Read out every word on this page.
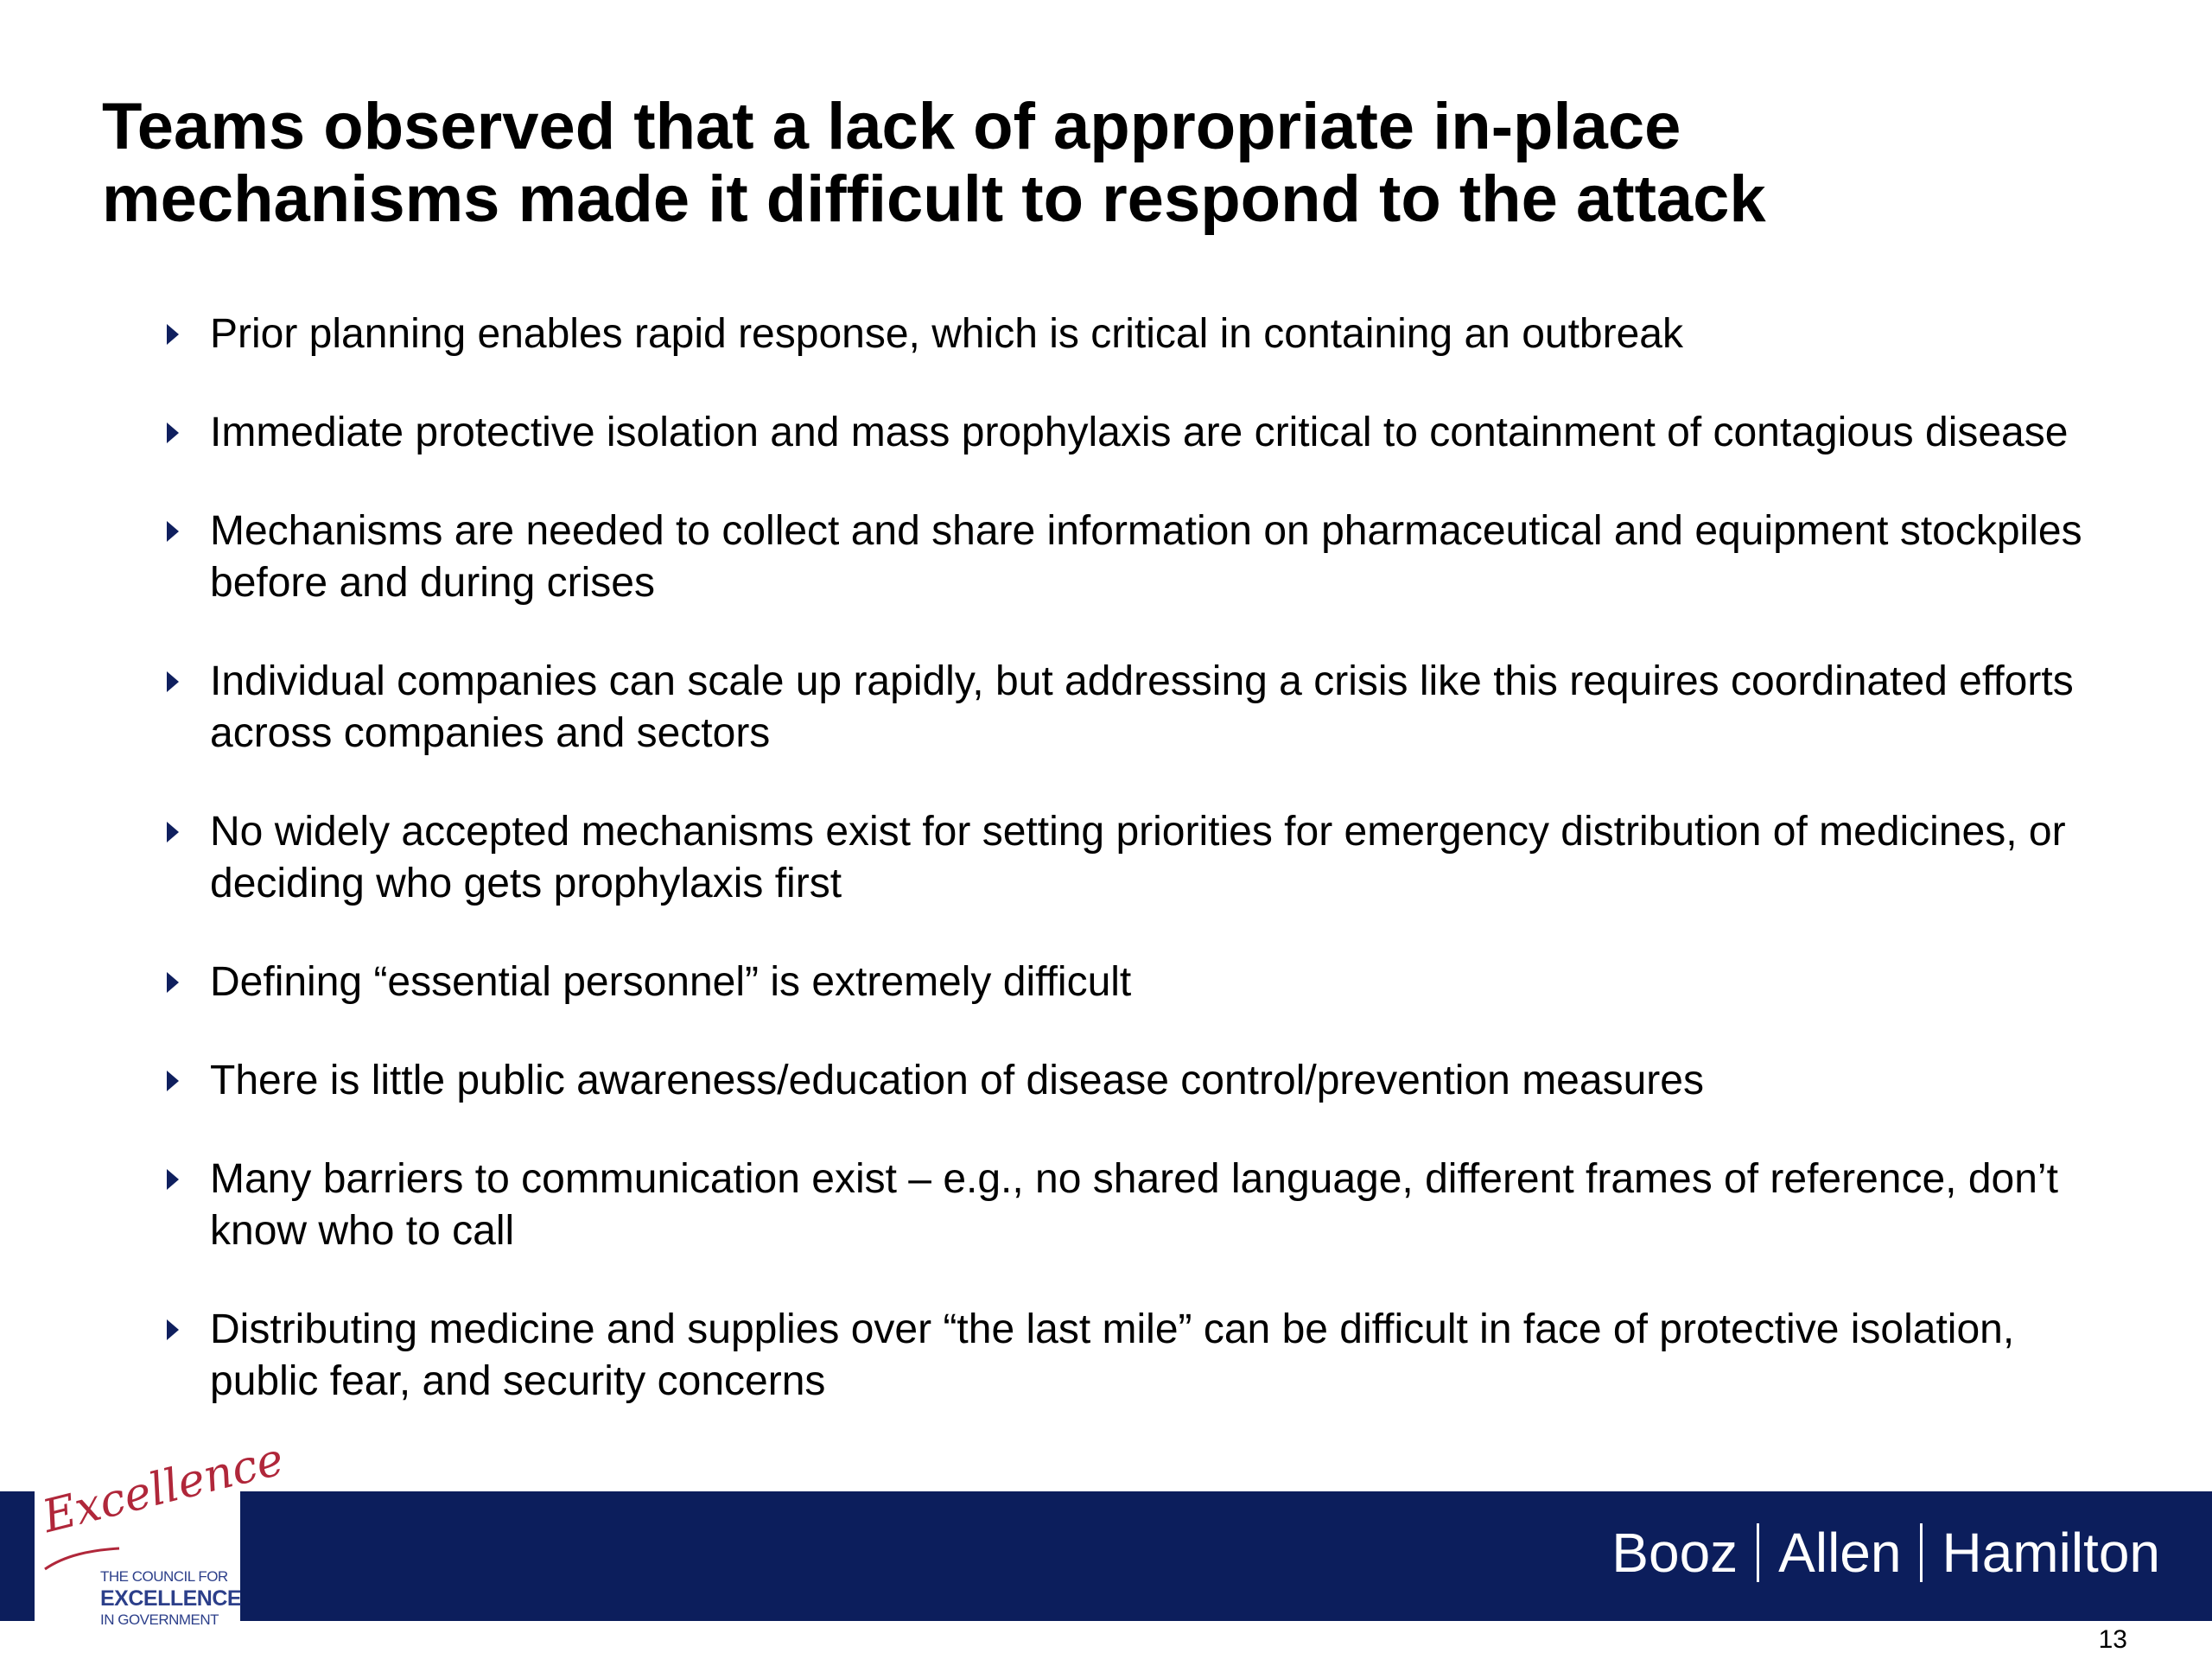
Teams observed that a lack of appropriate in-place
mechanisms made it difficult to respond to the attack
Prior planning enables rapid response, which is critical in containing an outbreak
Immediate protective isolation and mass prophylaxis are critical to containment of contagious disease
Mechanisms are needed to collect and share information on pharmaceutical and equipment stockpiles before and during crises
Individual companies can scale up rapidly, but addressing a crisis like this requires coordinated efforts across companies and sectors
No widely accepted mechanisms exist for setting priorities for emergency distribution of medicines, or deciding who gets prophylaxis first
Defining “essential personnel” is extremely difficult
There is little public awareness/education of disease control/prevention measures
Many barriers to communication exist – e.g., no shared language, different frames of reference, don’t know who to call
Distributing medicine and supplies over “the last mile” can be difficult in face of protective isolation, public fear, and security concerns
Excellence
THE COUNCIL FOR
EXCELLENCE
IN GOVERNMENT
Booz Allen Hamilton
13
